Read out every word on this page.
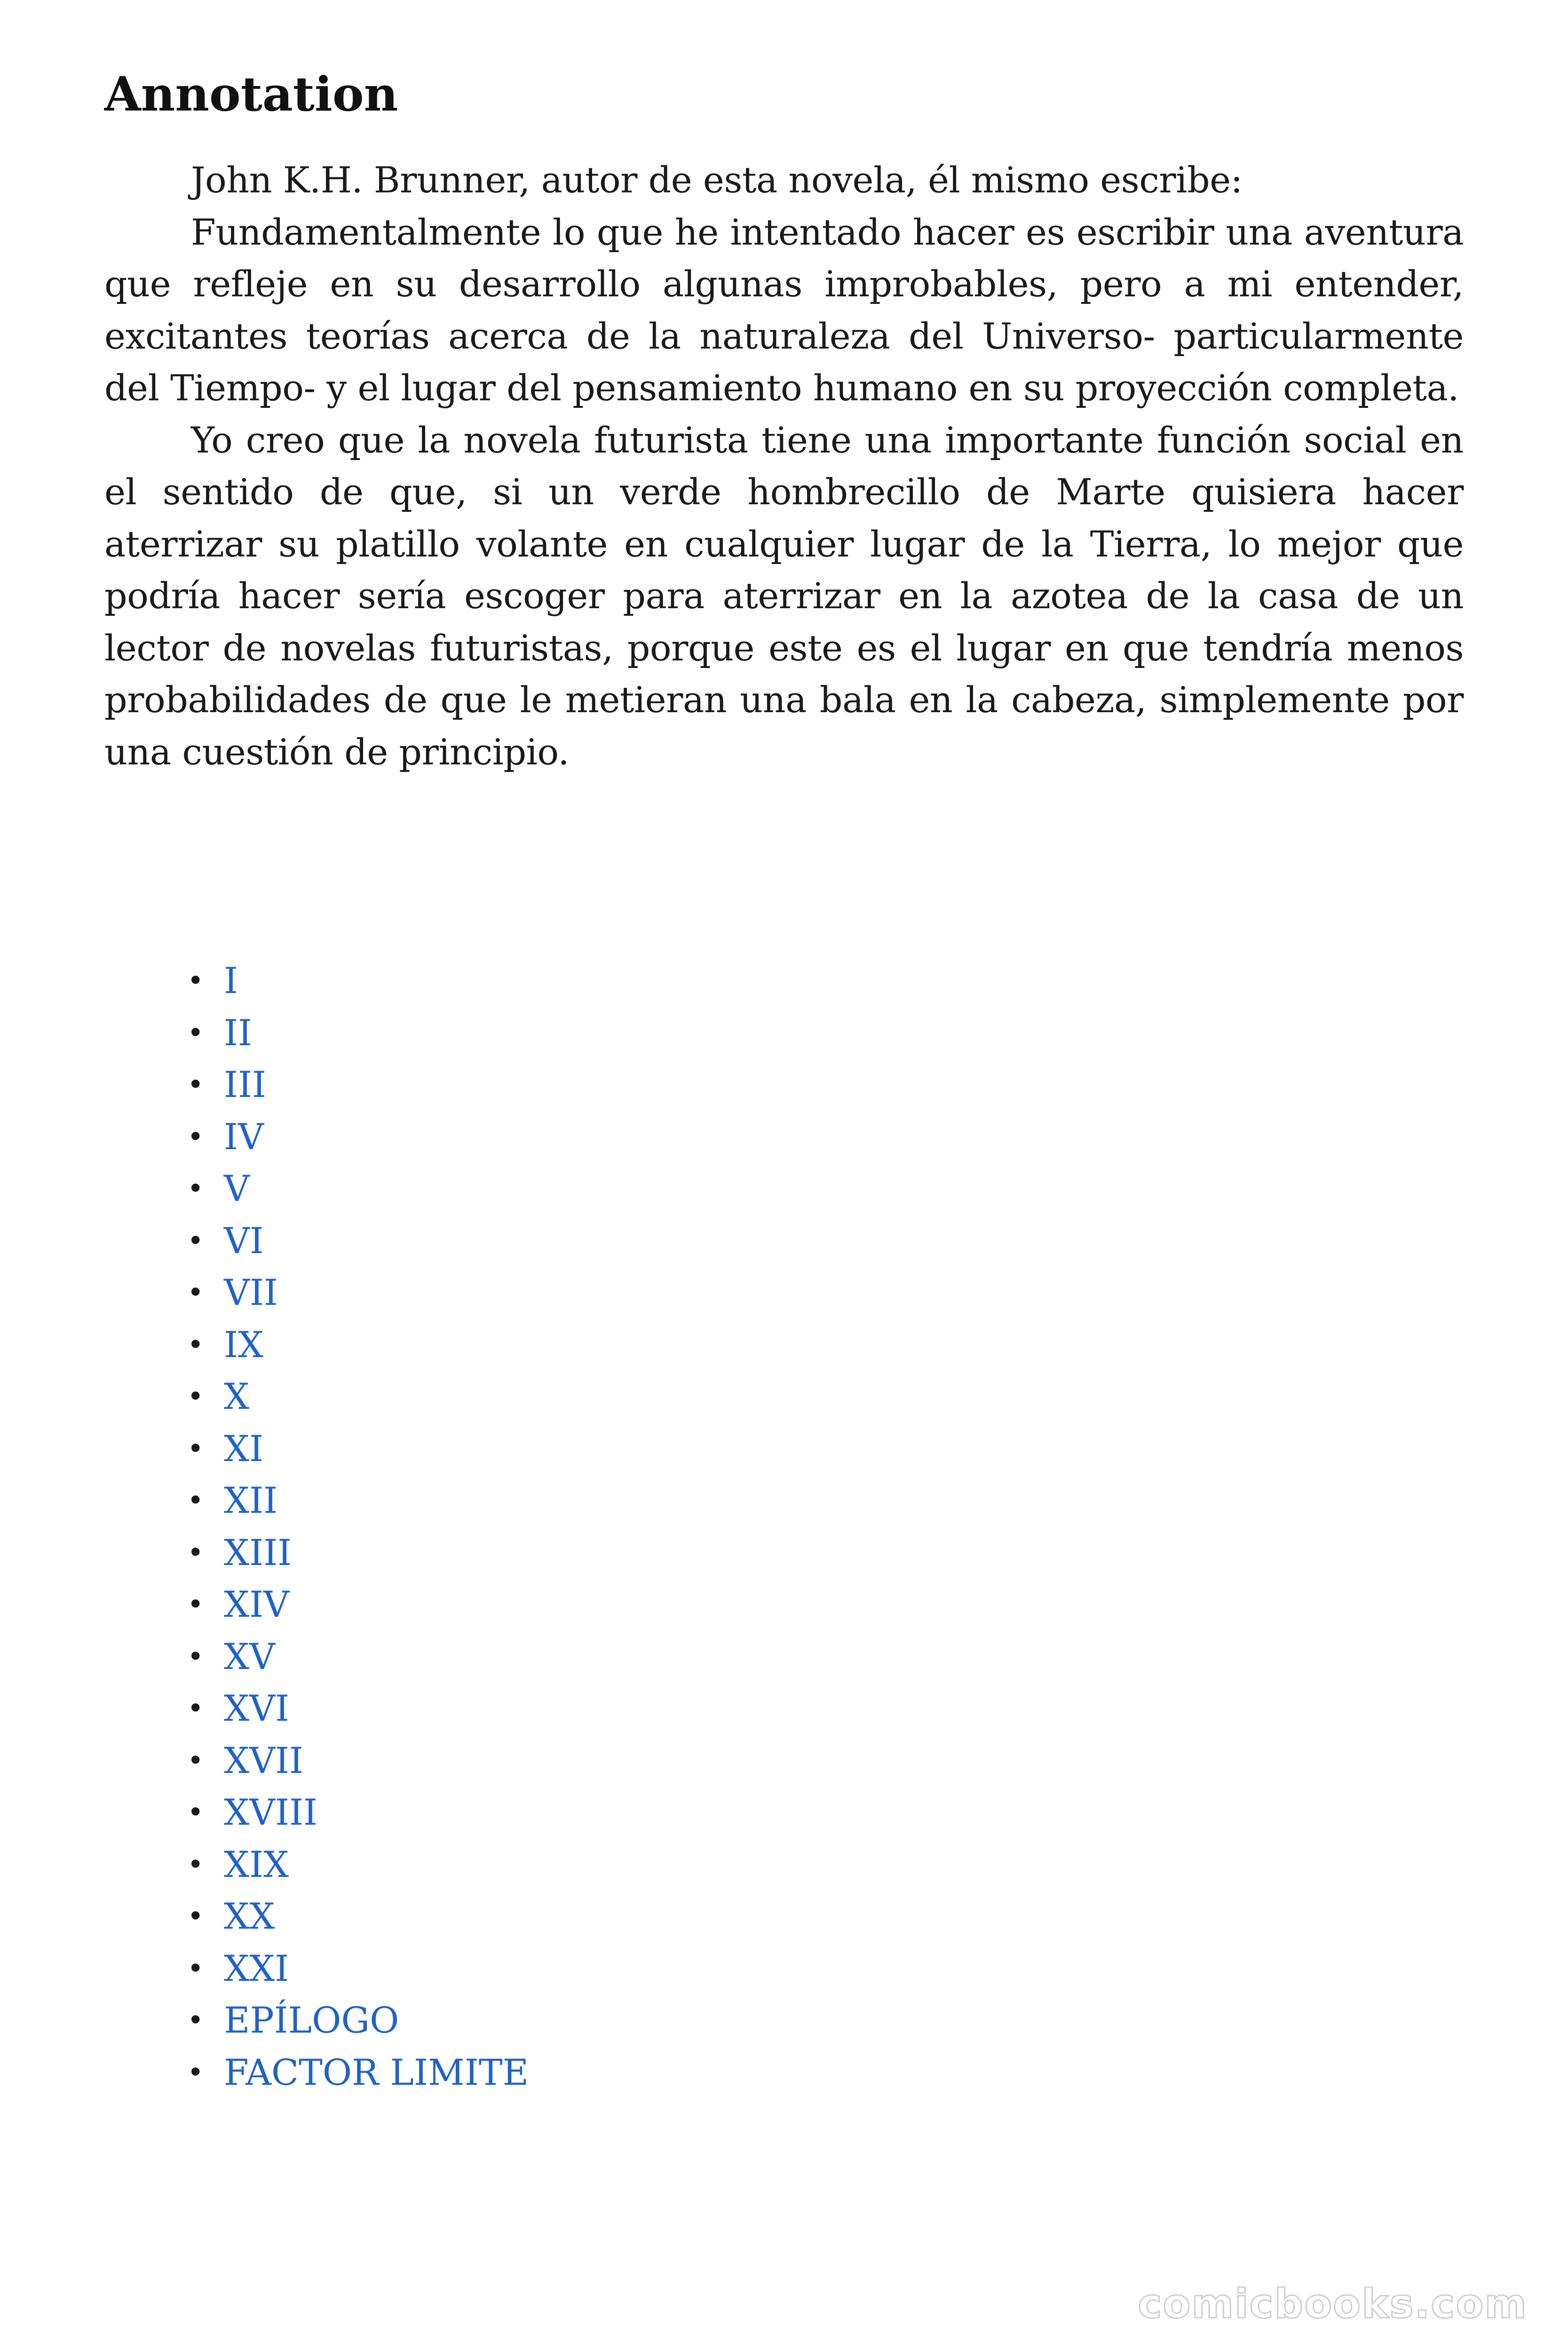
Annotation

John K.H. Brunner, autor de esta novela, él mismo escribe:

Fundamentalmente lo que he intentado hacer es escribir una aventura que refleje en su desarrollo algunas improbables, pero a mi entender, excitantes teorías acerca de la naturaleza del Universo- particularmente del Tiempo- y el lugar del pensamiento humano en su proyección completa.

Yo creo que la novela futurista tiene una importante función social en el sentido de que, si un verde hombrecillo de Marte quisiera hacer aterrizar su platillo volante en cualquier lugar de la Tierra, lo mejor que podría hacer sería escoger para aterrizar en la azotea de la casa de un lector de novelas futuristas, porque este es el lugar en que tendría menos probabilidades de que le metieran una bala en la cabeza, simplemente por una cuestión de principio.

• I
• II
• III
• IV
• V
• VI
• VII
• IX
• X
• XI
• XII
• XIII
• XIV
• XV
• XVI
• XVII
• XVIII
• XIX
• XX
• XXI
• EPÍLOGO
• FACTOR LIMITE
comicbooks.com
